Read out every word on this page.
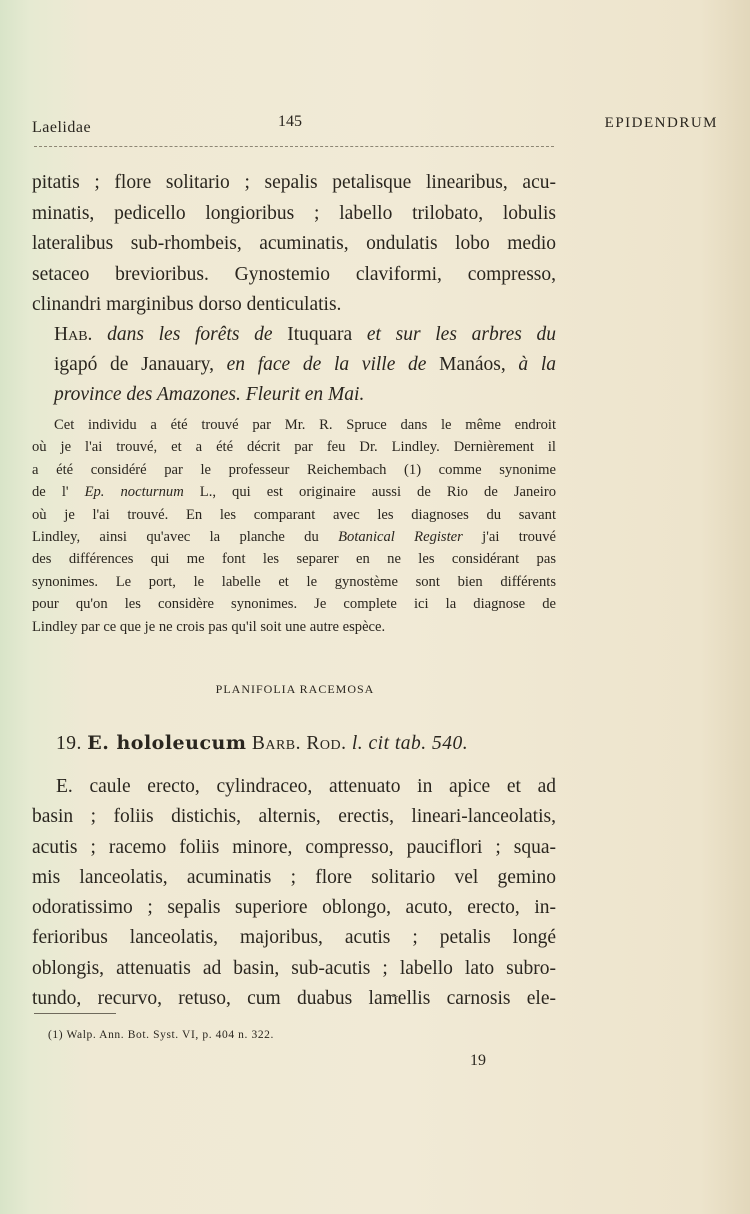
Laelidae	145	EPIDENDRUM
pitatis ; flore solitario ; sepalis petalisque linearibus, acu-
minatis, pedicello longioribus ; labello trilobato, lobulis
lateralibus sub-rhombeis, acuminatis, ondulatis lobo medio
setaceo brevioribus. Gynostemio claviformi, compresso,
clinandri marginibus dorso denticulatis.
Hab. dans les forêts de Ituquara et sur les arbres du
igapó de Janauary, en face de la ville de Manáos, à la
province des Amazones. Fleurit en Mai.
Cet individu a été trouvé par Mr. R. Spruce dans le même endroit
où je l'ai trouvé, et a été décrit par feu Dr. Lindley. Dernièrement il
a été considéré par le professeur Reichembach (1) comme synonime
de l' Ep. nocturnum L., qui est originaire aussi de Rio de Janeiro
où je l'ai trouvé. En les comparant avec les diagnoses du savant
Lindley, ainsi qu'avec la planche du Botanical Register j'ai trouvé
des différences qui me font les separer en ne les considérant pas
synonimes. Le port, le labelle et le gynostème sont bien différents
pour qu'on les considère synonimes. Je complete ici la diagnose de
Lindley par ce que je ne crois pas qu'il soit une autre espèce.
PLANIFOLIA RACEMOSA
19. E. hololeucum Barb. Rod. l. cit tab. 540.
E. caule erecto, cylindraceo, attenuato in apice et ad
basin ; foliis distichis, alternis, erectis, lineari-lanceolatis,
acutis ; racemo foliis minore, compresso, pauciflori ; squa-
mis lanceolatis, acuminatis ; flore solitario vel gemino
odoratissimo ; sepalis superiore oblongo, acuto, erecto, in-
ferioribus lanceolatis, majoribus, acutis ; petalis longé
oblongis, attenuatis ad basin, sub-acutis ; labello lato subro-
tundo, recurvo, retuso, cum duabus lamellis carnosis ele-
(1) Walp. Ann. Bot. Syst. VI, p. 404 n. 322.
19
